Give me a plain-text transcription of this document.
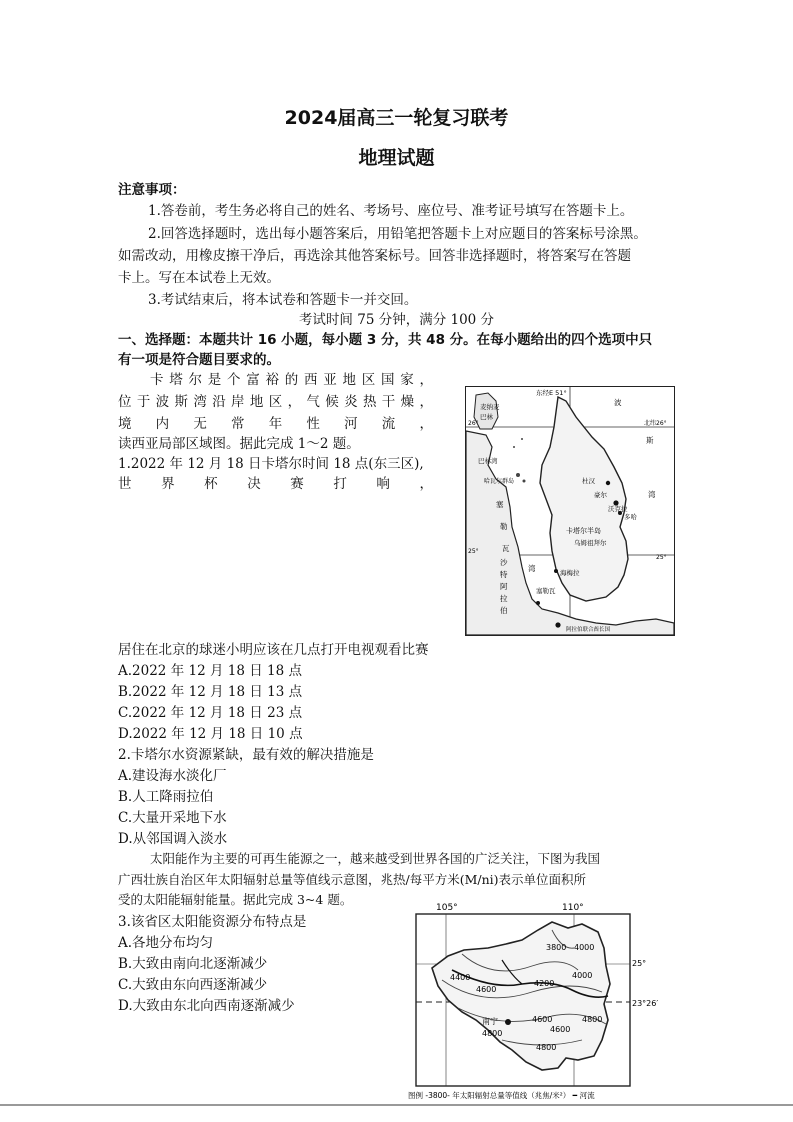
2024届高三一轮复习联考
地理试题
注意事项：
1.答卷前，考生务必将自己的姓名、考场号、座位号、准考证号填写在答题卡上。
2.回答选择题时，选出每小题答案后，用铅笔把答题卡上对应题目的答案标号涂黑。
如需改动，用橡皮擦干净后，再选涂其他答案标号。回答非选择题时，将答案写在答题
卡上。写在本试卷上无效。
3.考试结束后，将本试卷和答题卡一并交回。
考试时间 75 分钟，满分 100 分
一、选择题：本题共计 16 小题，每小题 3 分，共 48 分。在每小题给出的四个选项中只
有一项是符合题目要求的。
卡塔尔是个富裕的西亚地区国家，
位于波斯湾沿岸地区，气候炎热干燥，
境内无常年性河流，
读西亚局部区域图。据此完成 1～2 题。
1.2022 年 12 月 18 日卡塔尔时间 18 点(东三区),
世界杯决赛打响，
东经E 51°
麦纳麦
巴林
26°	北纬26°
波
斯
湾
巴林湾
哈瓦尔群岛
塞
勒
瓦
豪尔
杜汉
多哈
沃克拉
卡塔尔半岛
乌姆祖拜尔
25°
25°
沙
特
阿
拉
伯
湾
塞勒瓦
海梅拉
阿拉伯联合酋长国
居住在北京的球迷小明应该在几点打开电视观看比赛
A.2022 年 12 月 18 日 18 点
B.2022 年 12 月 18 日 13 点
C.2022 年 12 月 18 日 23 点
D.2022 年 12 月 18 日 10 点
2.卡塔尔水资源紧缺，最有效的解决措施是
A.建设海水淡化厂
B.人工降雨拉伯
C.大量开采地下水
D.从邻国调入淡水
太阳能作为主要的可再生能源之一，越来越受到世界各国的广泛关注，下图为我国
广西壮族自治区年太阳辐射总量等值线示意图，兆热/每平方米(M/ni)表示单位面积所
受的太阳能辐射能量。据此完成 3~4 题。
3.该省区太阳能资源分布特点是
A.各地分布均匀
B.大致由南向北逐渐减少
C.大致由东向西逐渐减少
D.大致由东北向西南逐渐减少
105°	110°
25°
23°26′
3800 4000
4000
4200
4400
4600
4600
4600
4800
4800
4800
南宁
图例 -3800- 年太阳辐射总量等值线（兆焦/米²） ━ 河流
